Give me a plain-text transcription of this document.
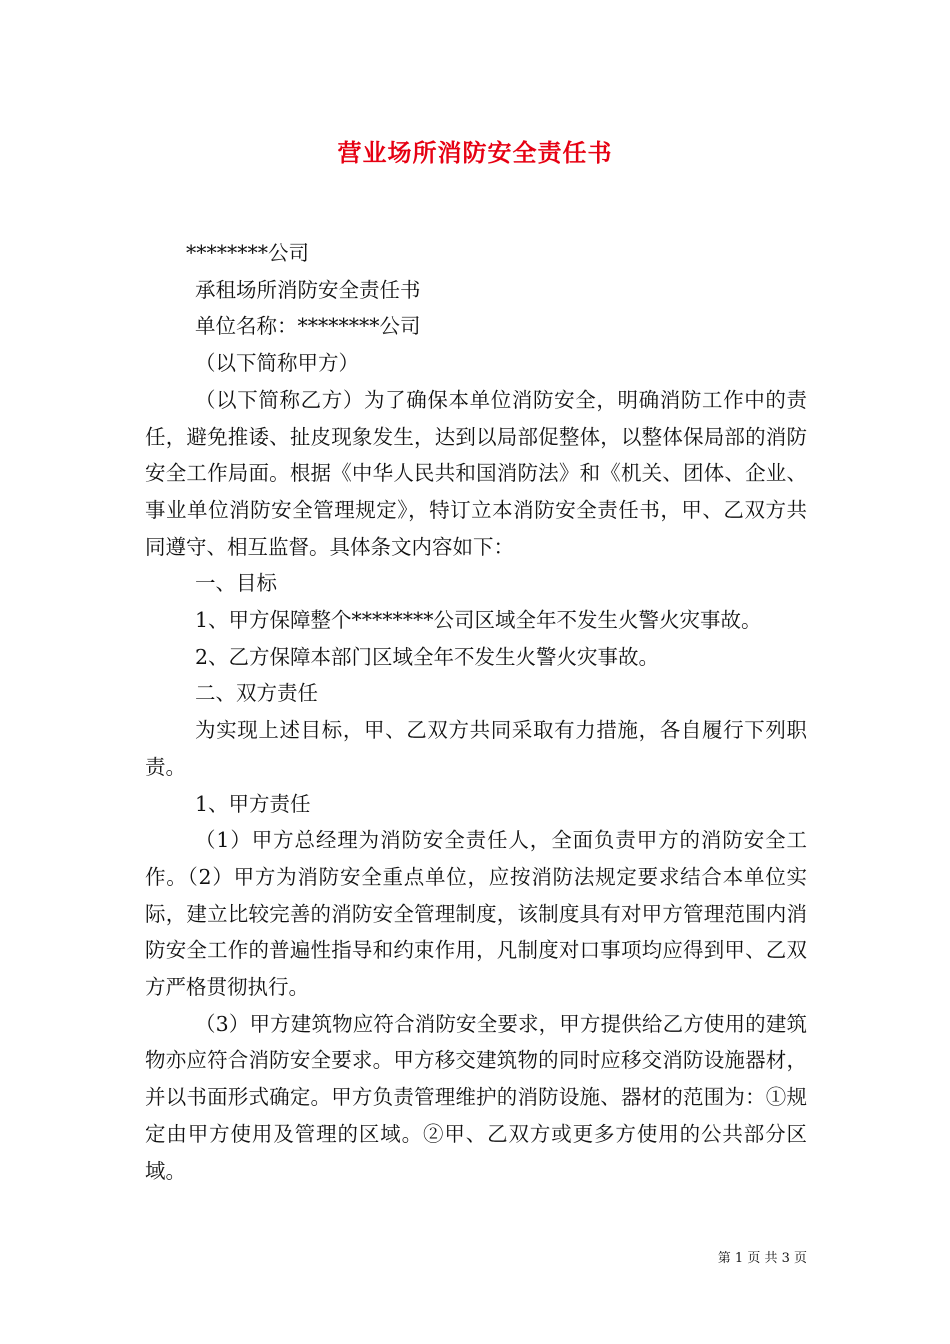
营业场所消防安全责任书

********公司

承租场所消防安全责任书

单位名称：********公司

（以下简称甲方）

（以下简称乙方）为了确保本单位消防安全，明确消防工作中的责任，避免推诿、扯皮现象发生，达到以局部促整体，以整体保局部的消防安全工作局面。根据《中华人民共和国消防法》和《机关、团体、企业、事业单位消防安全管理规定》，特订立本消防安全责任书，甲、乙双方共同遵守、相互监督。具体条文内容如下：

一、目标

1、甲方保障整个********公司区域全年不发生火警火灾事故。

2、乙方保障本部门区域全年不发生火警火灾事故。

二、双方责任

为实现上述目标，甲、乙双方共同采取有力措施，各自履行下列职责。

1、甲方责任

（1）甲方总经理为消防安全责任人，全面负责甲方的消防安全工作。（2）甲方为消防安全重点单位，应按消防法规定要求结合本单位实际，建立比较完善的消防安全管理制度，该制度具有对甲方管理范围内消防安全工作的普遍性指导和约束作用，凡制度对口事项均应得到甲、乙双方严格贯彻执行。

（3）甲方建筑物应符合消防安全要求，甲方提供给乙方使用的建筑物亦应符合消防安全要求。甲方移交建筑物的同时应移交消防设施器材，并以书面形式确定。甲方负责管理维护的消防设施、器材的范围为：①规定由甲方使用及管理的区域。②甲、乙双方或更多方使用的公共部分区域。

第 1 页 共 3 页
